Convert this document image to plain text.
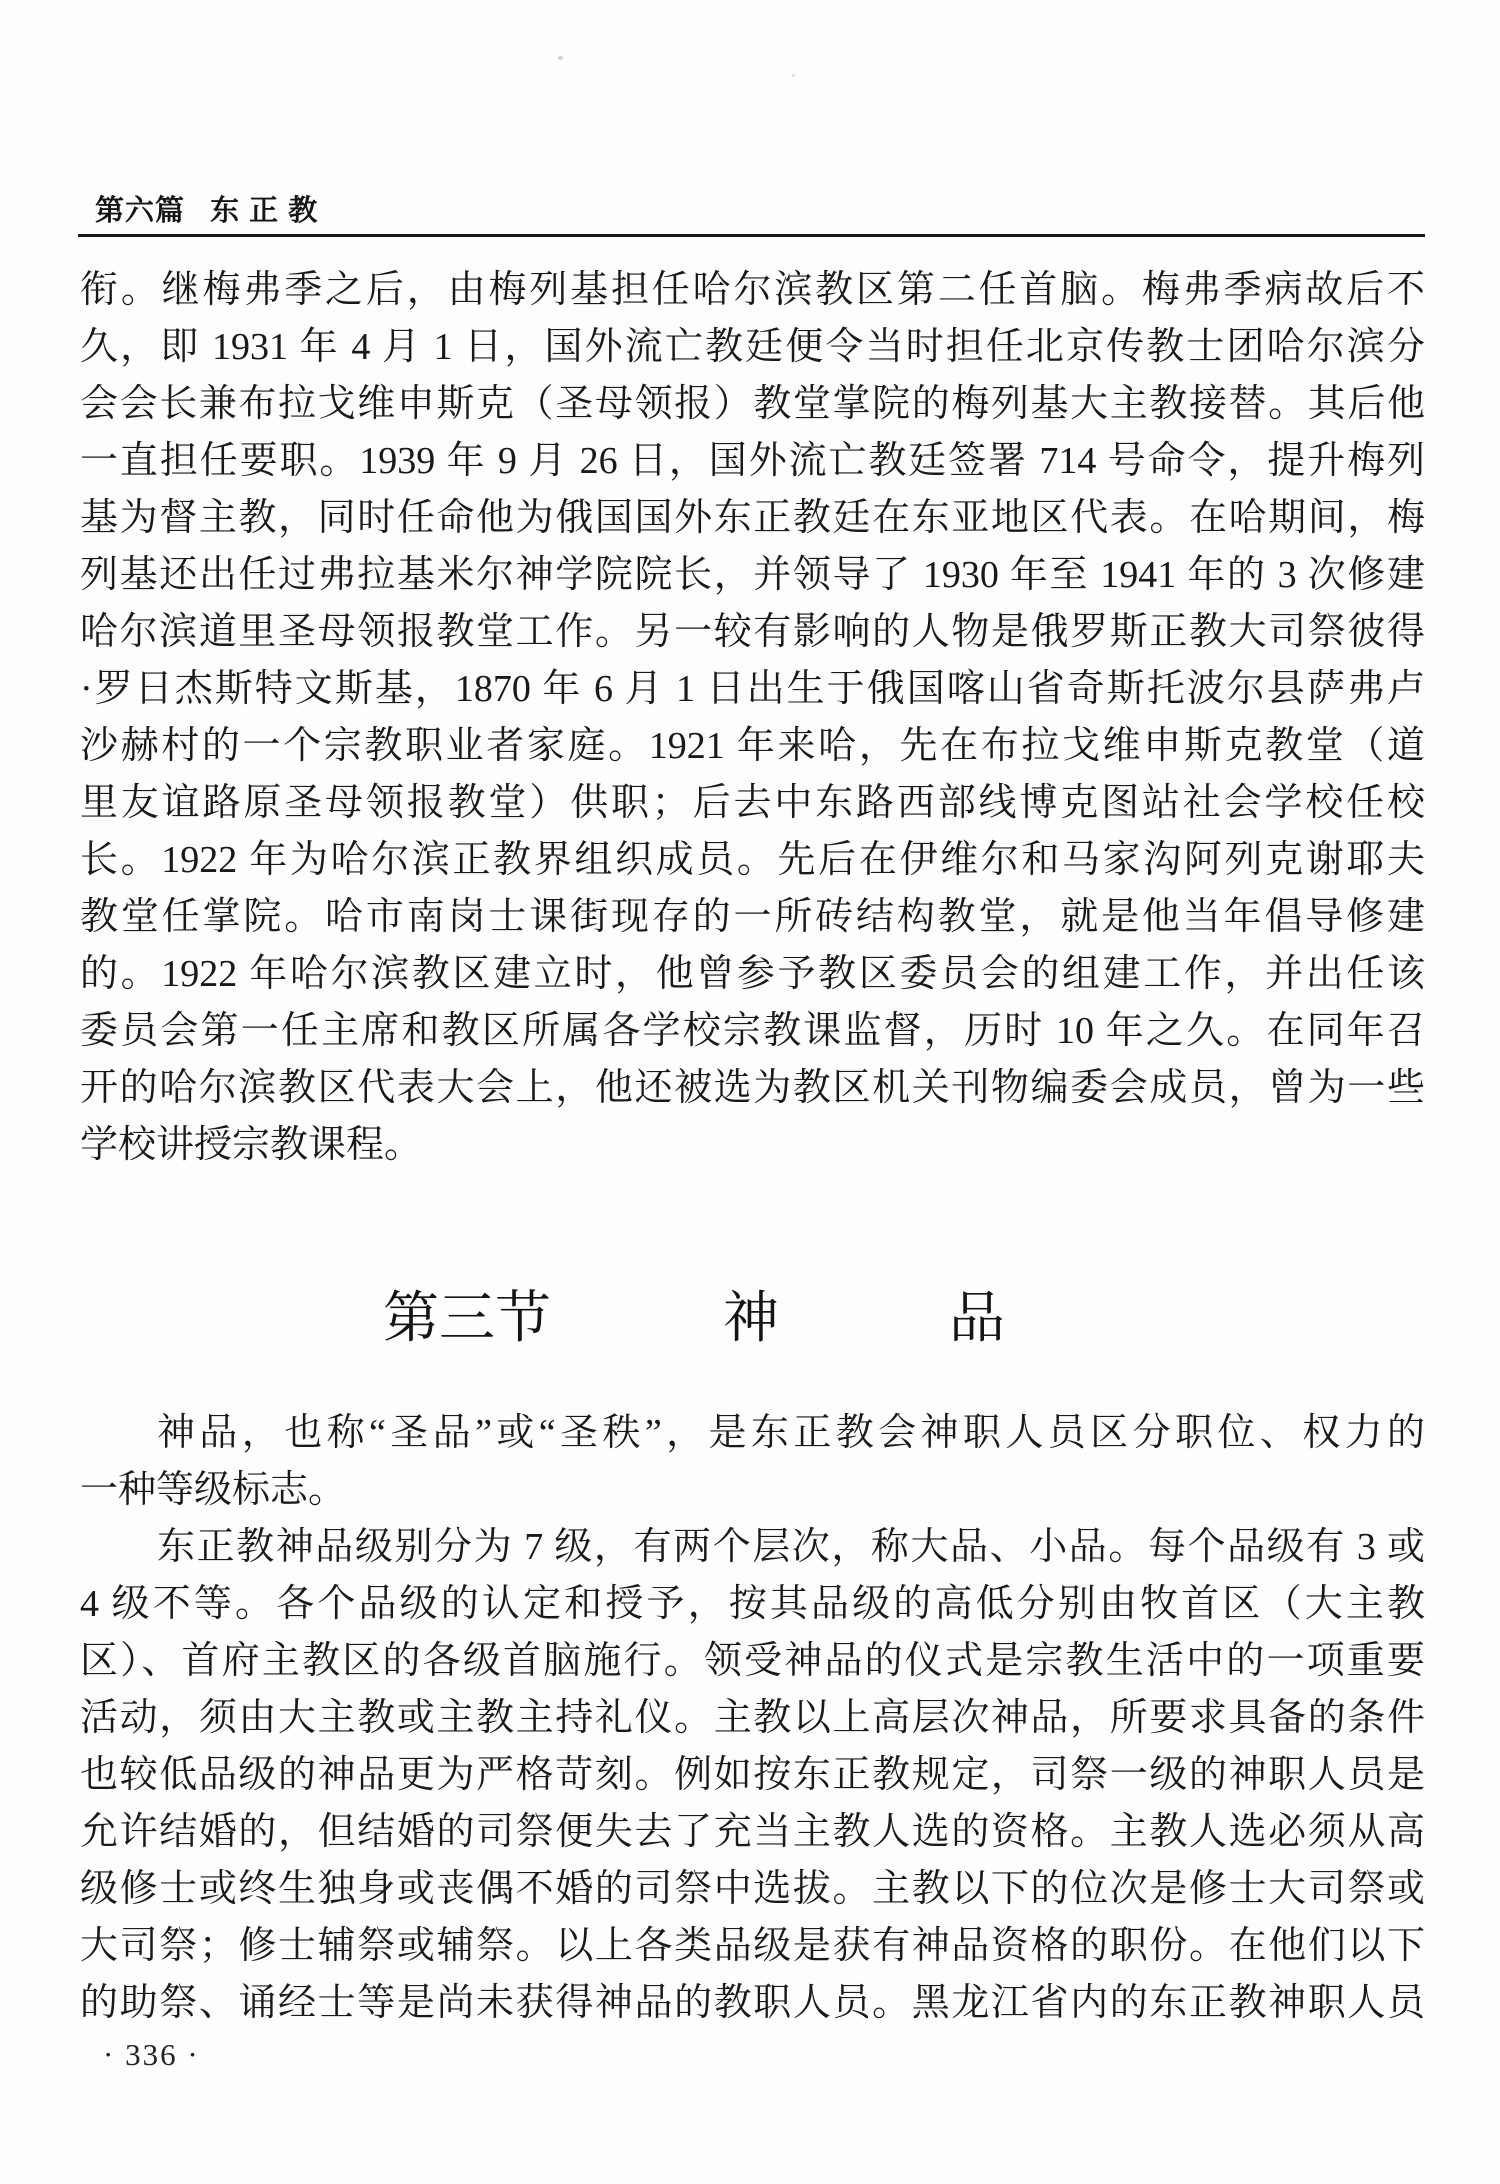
第六篇 东 正 教
衔。继梅弗季之后，由梅列基担任哈尔滨教区第二任首脑。梅弗季病故后不
久，即 1931 年 4 月 1 日，国外流亡教廷便令当时担任北京传教士团哈尔滨分
会会长兼布拉戈维申斯克（圣母领报）教堂掌院的梅列基大主教接替。其后他
一直担任要职。1939 年 9 月 26 日，国外流亡教廷签署 714 号命令，提升梅列
基为督主教，同时任命他为俄国国外东正教廷在东亚地区代表。在哈期间，梅
列基还出任过弗拉基米尔神学院院长，并领导了 1930 年至 1941 年的 3 次修建
哈尔滨道里圣母领报教堂工作。另一较有影响的人物是俄罗斯正教大司祭彼得
·罗日杰斯特文斯基，1870 年 6 月 1 日出生于俄国喀山省奇斯托波尔县萨弗卢
沙赫村的一个宗教职业者家庭。1921 年来哈，先在布拉戈维申斯克教堂（道
里友谊路原圣母领报教堂）供职；后去中东路西部线博克图站社会学校任校
长。1922 年为哈尔滨正教界组织成员。先后在伊维尔和马家沟阿列克谢耶夫
教堂任掌院。哈市南岗士课街现存的一所砖结构教堂，就是他当年倡导修建
的。1922 年哈尔滨教区建立时，他曾参予教区委员会的组建工作，并出任该
委员会第一任主席和教区所属各学校宗教课监督，历时 10 年之久。在同年召
开的哈尔滨教区代表大会上，他还被选为教区机关刊物编委会成员，曾为一些
学校讲授宗教课程。
第三节	神	品
神品，也称“圣品”或“圣秩”，是东正教会神职人员区分职位、权力的
一种等级标志。
东正教神品级别分为 7 级，有两个层次，称大品、小品。每个品级有 3 或
4 级不等。各个品级的认定和授予，按其品级的高低分别由牧首区（大主教
区）、首府主教区的各级首脑施行。领受神品的仪式是宗教生活中的一项重要
活动，须由大主教或主教主持礼仪。主教以上高层次神品，所要求具备的条件
也较低品级的神品更为严格苛刻。例如按东正教规定，司祭一级的神职人员是
允许结婚的，但结婚的司祭便失去了充当主教人选的资格。主教人选必须从高
级修士或终生独身或丧偶不婚的司祭中选拔。主教以下的位次是修士大司祭或
大司祭；修士辅祭或辅祭。以上各类品级是获有神品资格的职份。在他们以下
的助祭、诵经士等是尚未获得神品的教职人员。黑龙江省内的东正教神职人员
· 336 ·
